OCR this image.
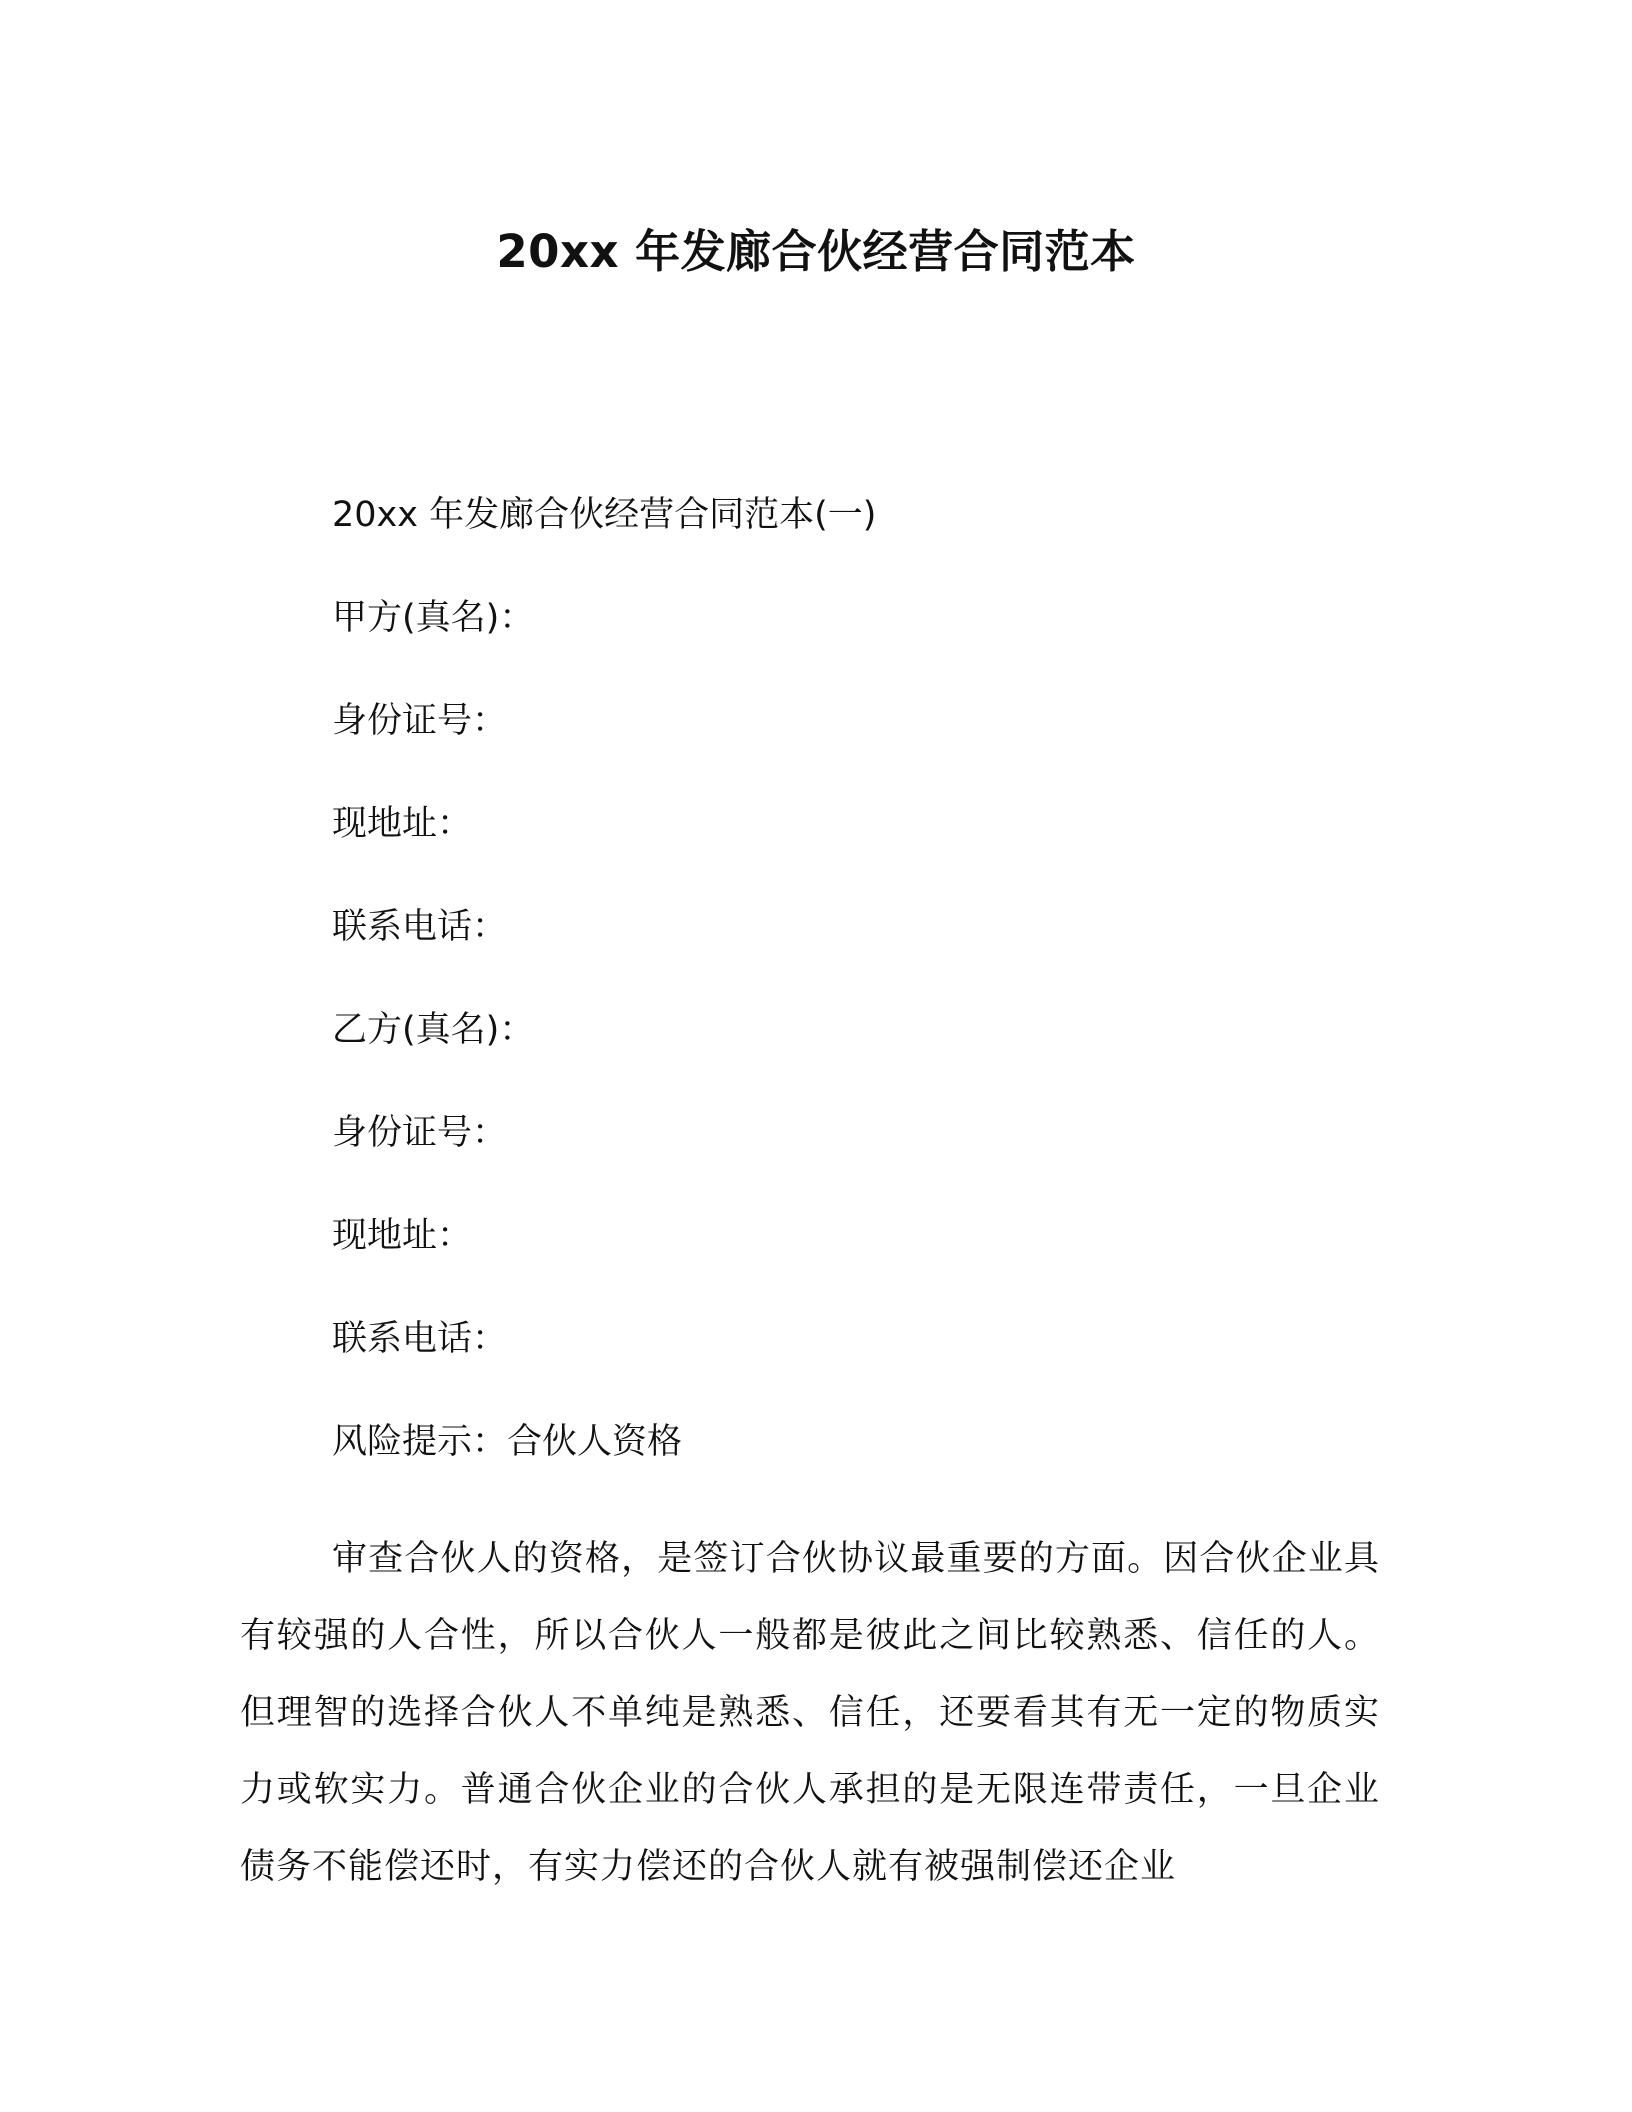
20xx 年发廊合伙经营合同范本
20xx 年发廊合伙经营合同范本(一)
甲方(真名)：
身份证号：
现地址：
联系电话：
乙方(真名)：
身份证号：
现地址：
联系电话：
风险提示：合伙人资格

审查合伙人的资格，是签订合伙协议最重要的方面。因合伙企业具有较强的人合性，所以合伙人一般都是彼此之间比较熟悉、信任的人。但理智的选择合伙人不单纯是熟悉、信任，还要看其有无一定的物质实力或软实力。普通合伙企业的合伙人承担的是无限连带责任，一旦企业债务不能偿还时，有实力偿还的合伙人就有被强制偿还企业
